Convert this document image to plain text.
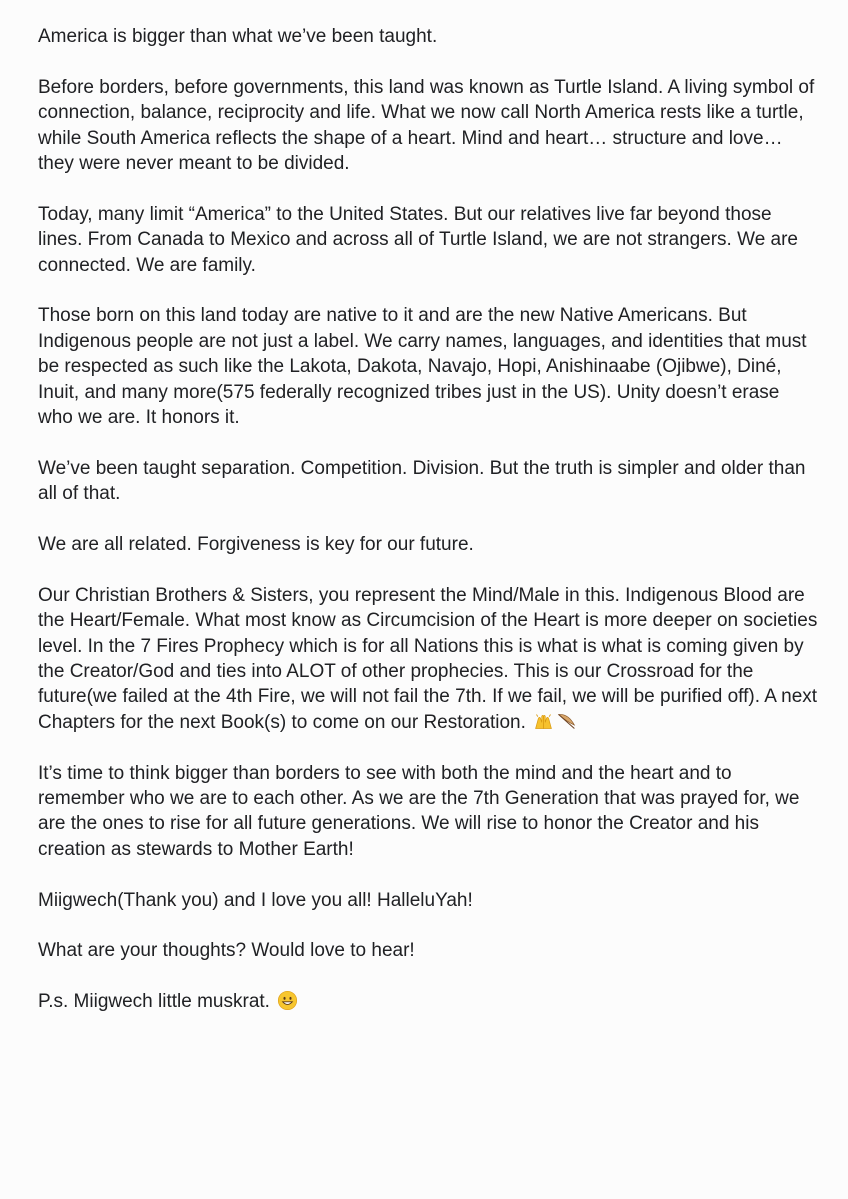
America is bigger than what we’ve been taught.

Before borders, before governments, this land was known as Turtle Island. A living symbol of connection, balance, reciprocity and life. What we now call North America rests like a turtle, while South America reflects the shape of a heart. Mind and heart… structure and love… they were never meant to be divided.

Today, many limit “America” to the United States. But our relatives live far beyond those lines. From Canada to Mexico and across all of Turtle Island, we are not strangers. We are connected. We are family.

Those born on this land today are native to it and are the new Native Americans. But Indigenous people are not just a label. We carry names, languages, and identities that must be respected as such like the Lakota, Dakota, Navajo, Hopi, Anishinaabe (Ojibwe), Diné, Inuit, and many more(575 federally recognized tribes just in the US). Unity doesn’t erase who we are. It honors it.

We’ve been taught separation. Competition. Division. But the truth is simpler and older than all of that.

We are all related. Forgiveness is key for our future.

Our Christian Brothers & Sisters, you represent the Mind/Male in this. Indigenous Blood are the Heart/Female. What most know as Circumcision of the Heart is more deeper on societies level. In the 7 Fires Prophecy which is for all Nations this is what is what is coming given by the Creator/God and ties into ALOT of other prophecies. This is our Crossroad for the future(we failed at the 4th Fire, we will not fail the 7th. If we fail, we will be purified off). A next Chapters for the next Book(s) to come on our Restoration.

It’s time to think bigger than borders to see with both the mind and the heart and to remember who we are to each other. As we are the 7th Generation that was prayed for, we are the ones to rise for all future generations. We will rise to honor the Creator and his creation as stewards to Mother Earth!

Miigwech(Thank you) and I love you all! HalleluYah!

What are your thoughts? Would love to hear!

P.s. Miigwech little muskrat.
